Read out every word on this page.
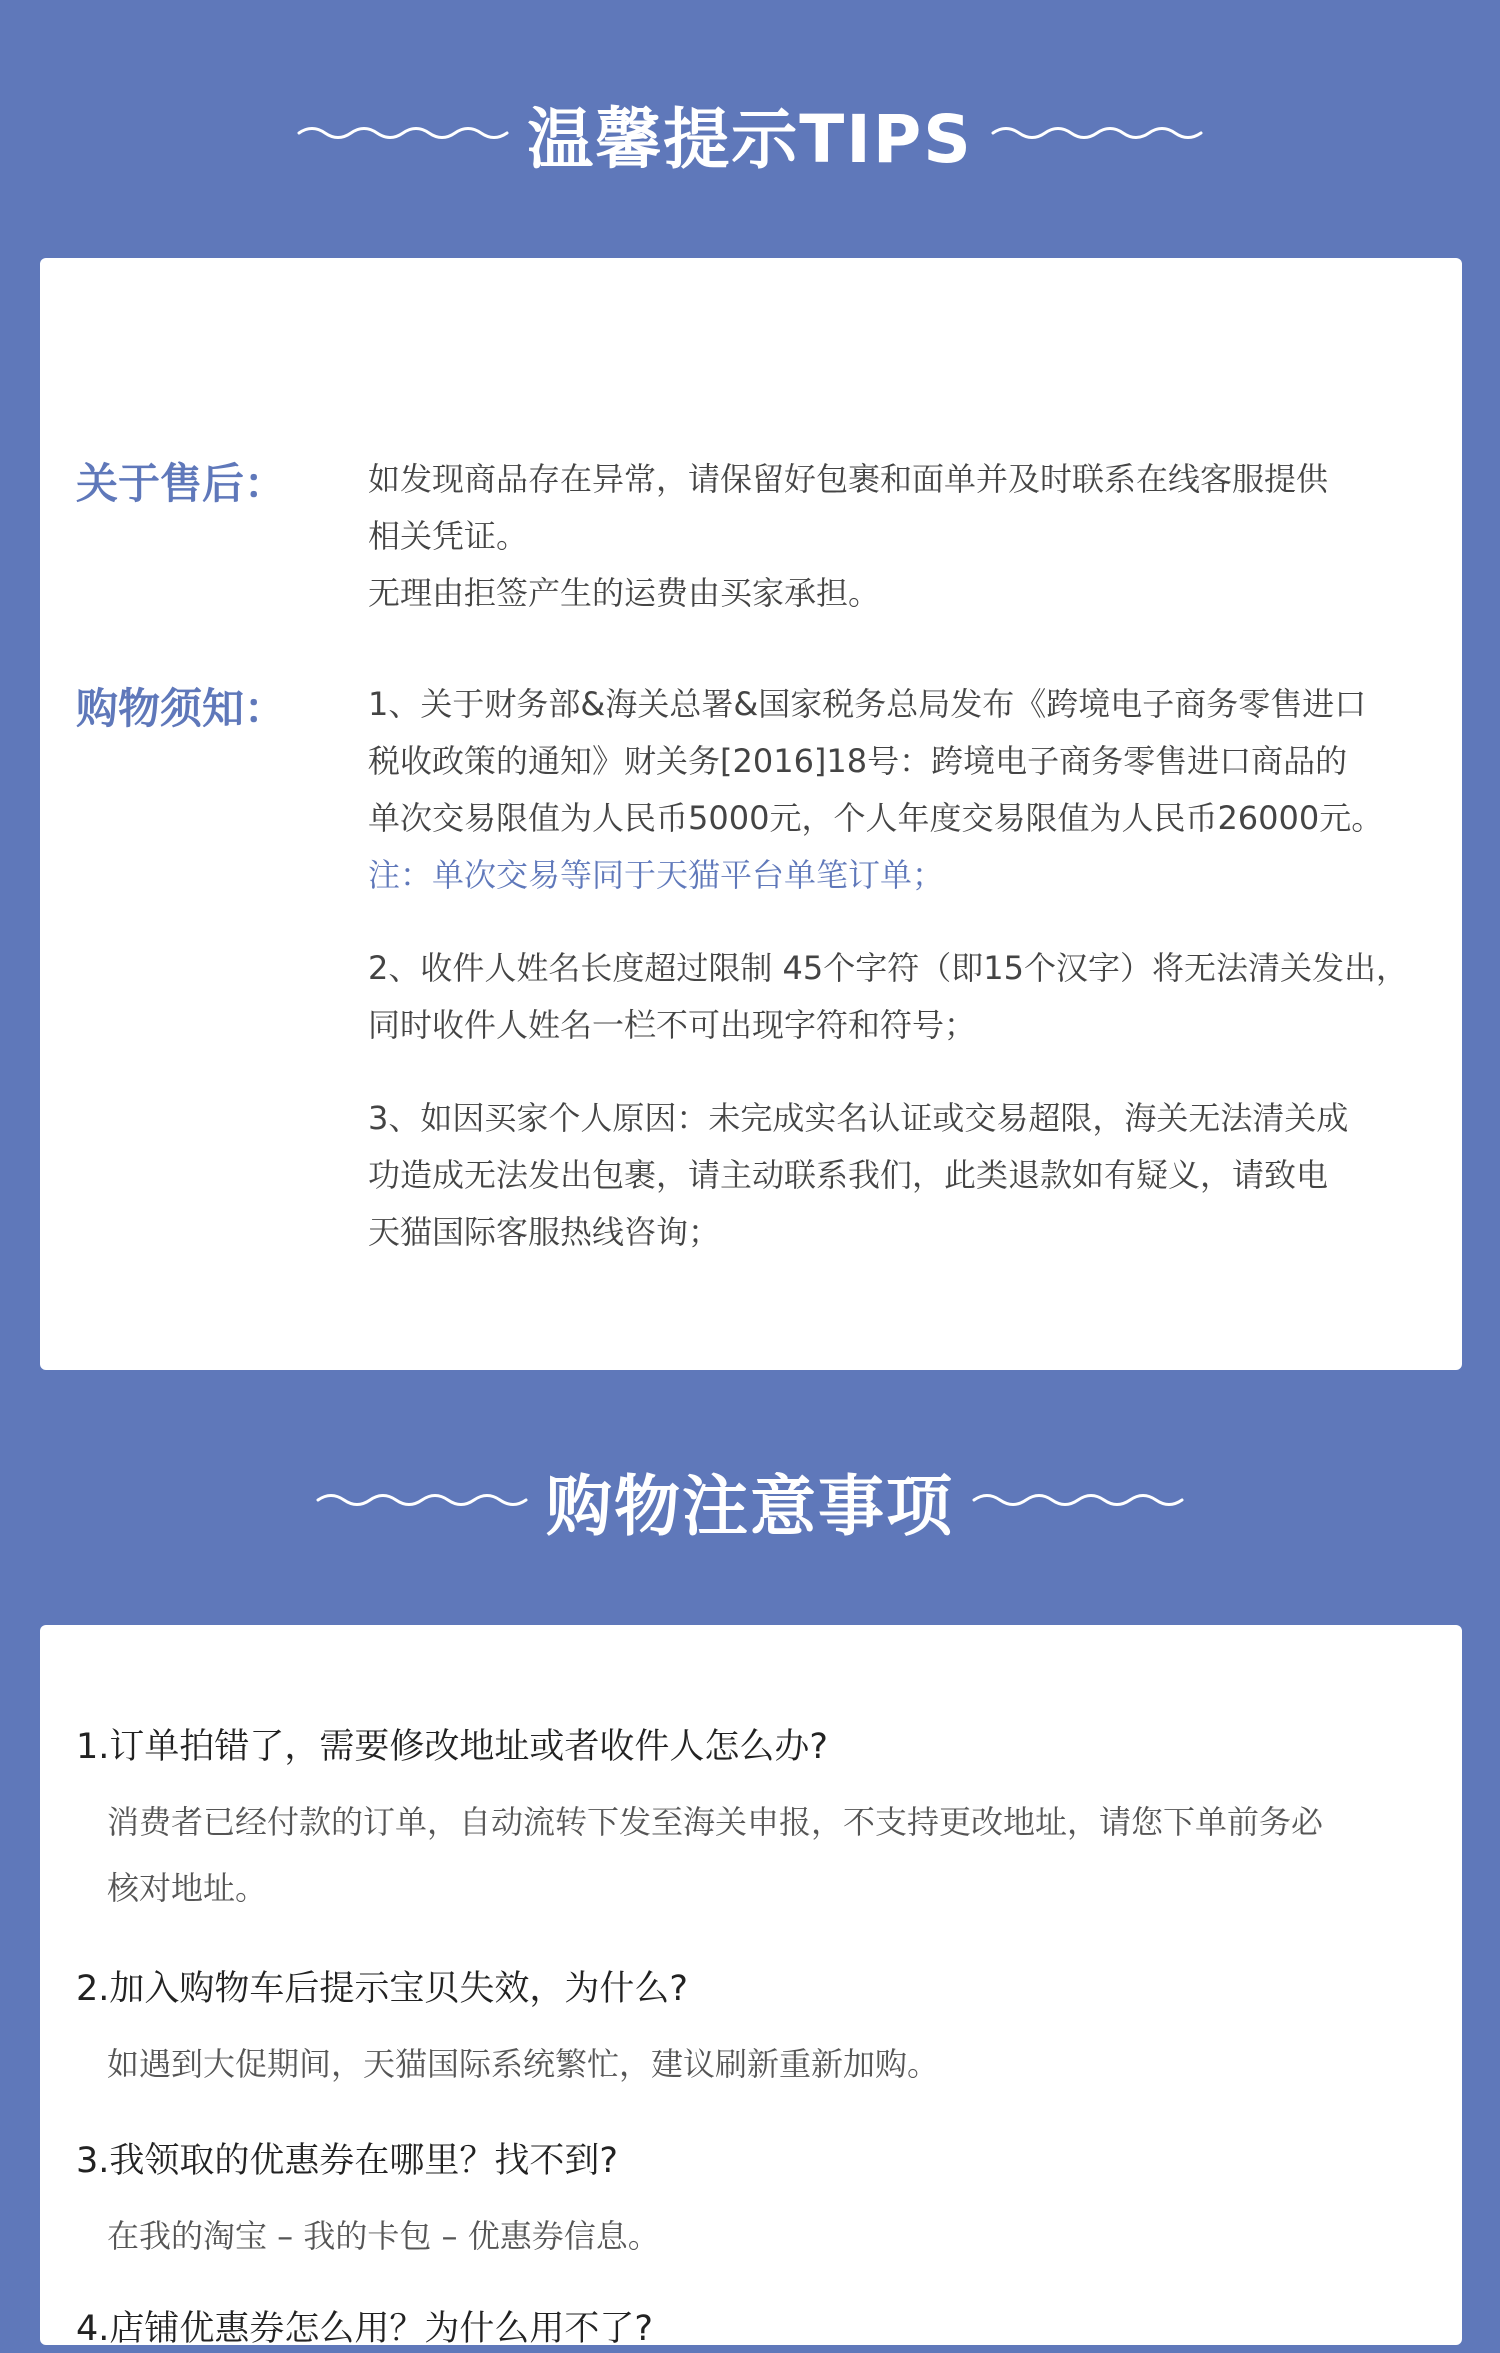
温馨提示TIPS
关于售后：	如发现商品存在异常，请保留好包裹和面单并及时联系在线客服提供
相关凭证。
无理由拒签产生的运费由买家承担。
购物须知：	1、关于财务部&海关总署&国家税务总局发布《跨境电子商务零售进口
税收政策的通知》财关务[2016]18号：跨境电子商务零售进口商品的
单次交易限值为人民币5000元，个人年度交易限值为人民币26000元。
注：单次交易等同于天猫平台单笔订单；
2、收件人姓名长度超过限制 45个字符（即15个汉字）将无法清关发出，
同时收件人姓名一栏不可出现字符和符号；
3、如因买家个人原因：未完成实名认证或交易超限，海关无法清关成
功造成无法发出包裹，请主动联系我们，此类退款如有疑义，请致电
天猫国际客服热线咨询；
购物注意事项
1.订单拍错了，需要修改地址或者收件人怎么办?
消费者已经付款的订单，自动流转下发至海关申报，不支持更改地址，请您下单前务必
核对地址。
2.加入购物车后提示宝贝失效，为什么?
如遇到大促期间，天猫国际系统繁忙，建议刷新重新加购。
3.我领取的优惠券在哪里？找不到?
在我的淘宝 – 我的卡包 – 优惠券信息。
4.店铺优惠券怎么用？为什么用不了?
